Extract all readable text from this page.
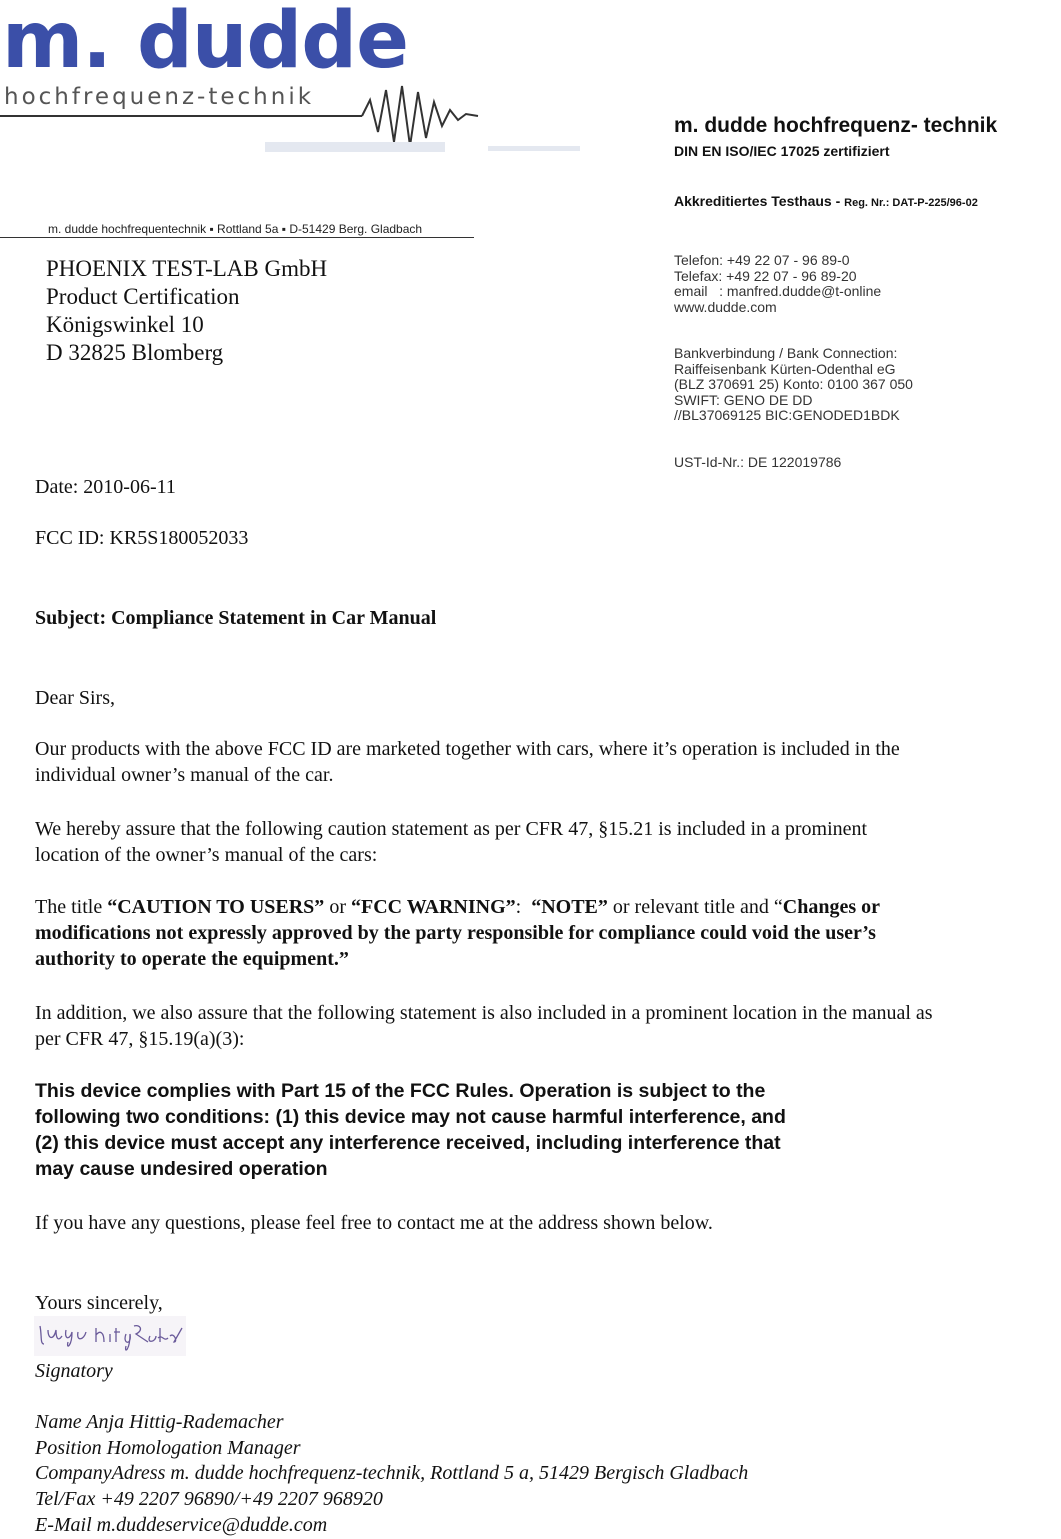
m. dudde
hochfrequenz-technik
m. dudde hochfrequentechnik ▪ Rottland 5a ▪ D-51429 Berg. Gladbach
PHOENIX TEST-LAB GmbH
Product Certification
Königswinkel 10
D 32825 Blomberg
m. dudde hochfrequenz- technik
DIN EN ISO/IEC 17025 zertifiziert
Akkreditiertes Testhaus - Reg. Nr.: DAT-P-225/96-02
Telefon: +49 22 07 - 96 89-0
Telefax: +49 22 07 - 96 89-20
email   : manfred.dudde@t-online
www.dudde.com
Bankverbindung / Bank Connection:
Raiffeisenbank Kürten-Odenthal eG
(BLZ 370691 25) Konto: 0100 367 050
SWIFT: GENO DE DD
//BL37069125 BIC:GENODED1BDK
UST-Id-Nr.: DE 122019786
Date: 2010-06-11
FCC ID: KR5S180052033
Subject: Compliance Statement in Car Manual
Dear Sirs,
Our products with the above FCC ID are marketed together with cars, where it’s operation is included in the
individual owner’s manual of the car.
We hereby assure that the following caution statement as per CFR 47, §15.21 is included in a prominent
location of the owner’s manual of the cars:
The title “CAUTION TO USERS” or “FCC WARNING”:  “NOTE” or relevant title and “Changes or
modifications not expressly approved by the party responsible for compliance could void the user’s
authority to operate the equipment.”
In addition, we also assure that the following statement is also included in a prominent location in the manual as
per CFR 47, §15.19(a)(3):
This device complies with Part 15 of the FCC Rules. Operation is subject to the
following two conditions: (1) this device may not cause harmful interference, and
(2) this device must accept any interference received, including interference that
may cause undesired operation
If you have any questions, please feel free to contact me at the address shown below.
Yours sincerely,
Signatory
Name Anja Hittig-Rademacher
Position Homologation Manager
CompanyAdress m. dudde hochfrequenz-technik, Rottland 5 a, 51429 Bergisch Gladbach
Tel/Fax +49 2207 96890/+49 2207 968920
E-Mail m.duddeservice@dudde.com
